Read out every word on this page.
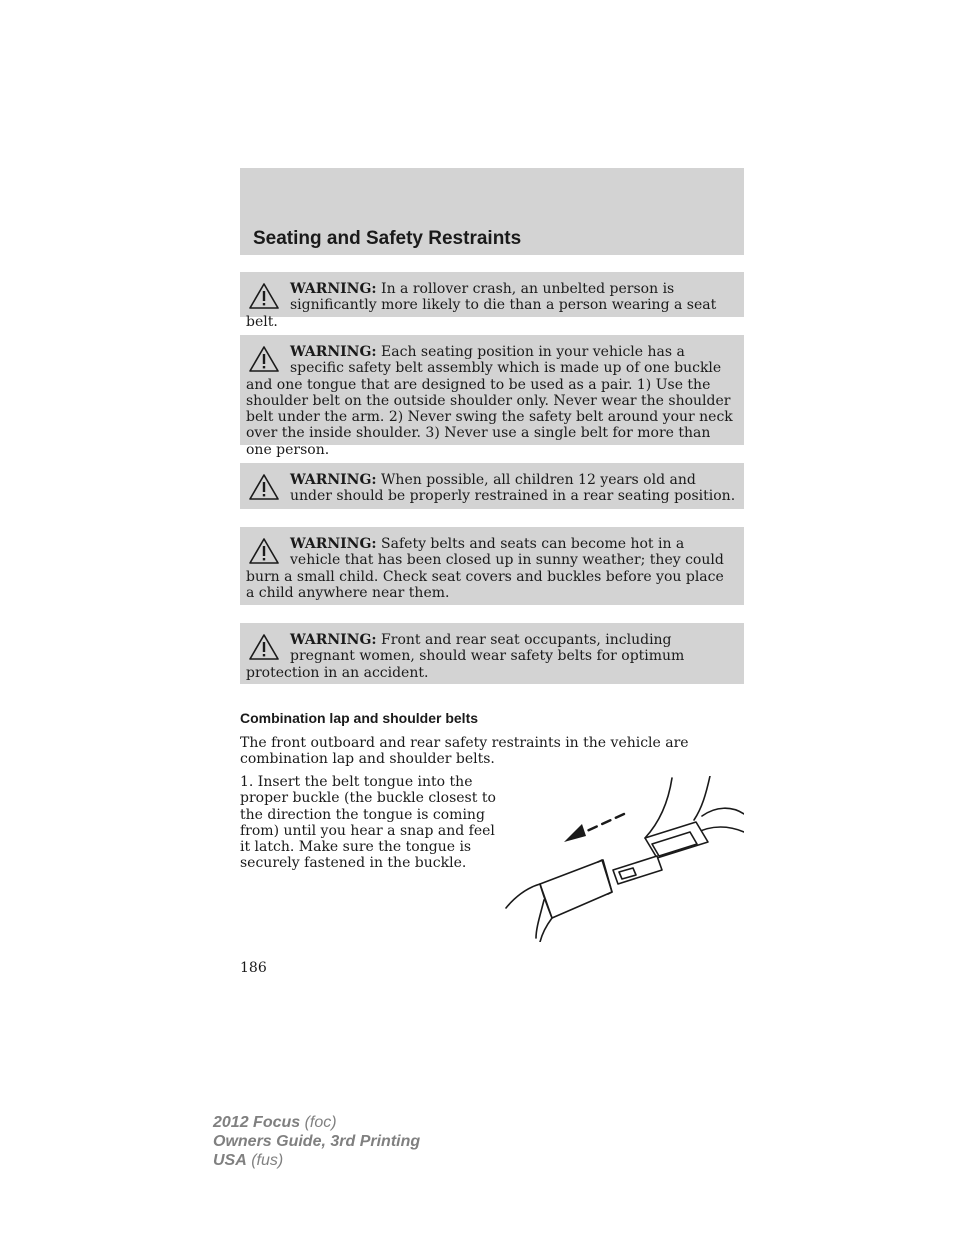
Seating and Safety Restraints
WARNING: In a rollover crash, an unbelted person is significantly more likely to die than a person wearing a seat belt.
WARNING: Each seating position in your vehicle has a specific safety belt assembly which is made up of one buckle and one tongue that are designed to be used as a pair. 1) Use the shoulder belt on the outside shoulder only. Never wear the shoulder belt under the arm. 2) Never swing the safety belt around your neck over the inside shoulder. 3) Never use a single belt for more than one person.
WARNING: When possible, all children 12 years old and under should be properly restrained in a rear seating position.
WARNING: Safety belts and seats can become hot in a vehicle that has been closed up in sunny weather; they could burn a small child. Check seat covers and buckles before you place a child anywhere near them.
WARNING: Front and rear seat occupants, including pregnant women, should wear safety belts for optimum protection in an accident.
Combination lap and shoulder belts

The front outboard and rear safety restraints in the vehicle are combination lap and shoulder belts.

1. Insert the belt tongue into the proper buckle (the buckle closest to the direction the tongue is coming from) until you hear a snap and feel it latch. Make sure the tongue is securely fastened in the buckle.

186
2012 Focus (foc)
Owners Guide, 3rd Printing
USA (fus)
